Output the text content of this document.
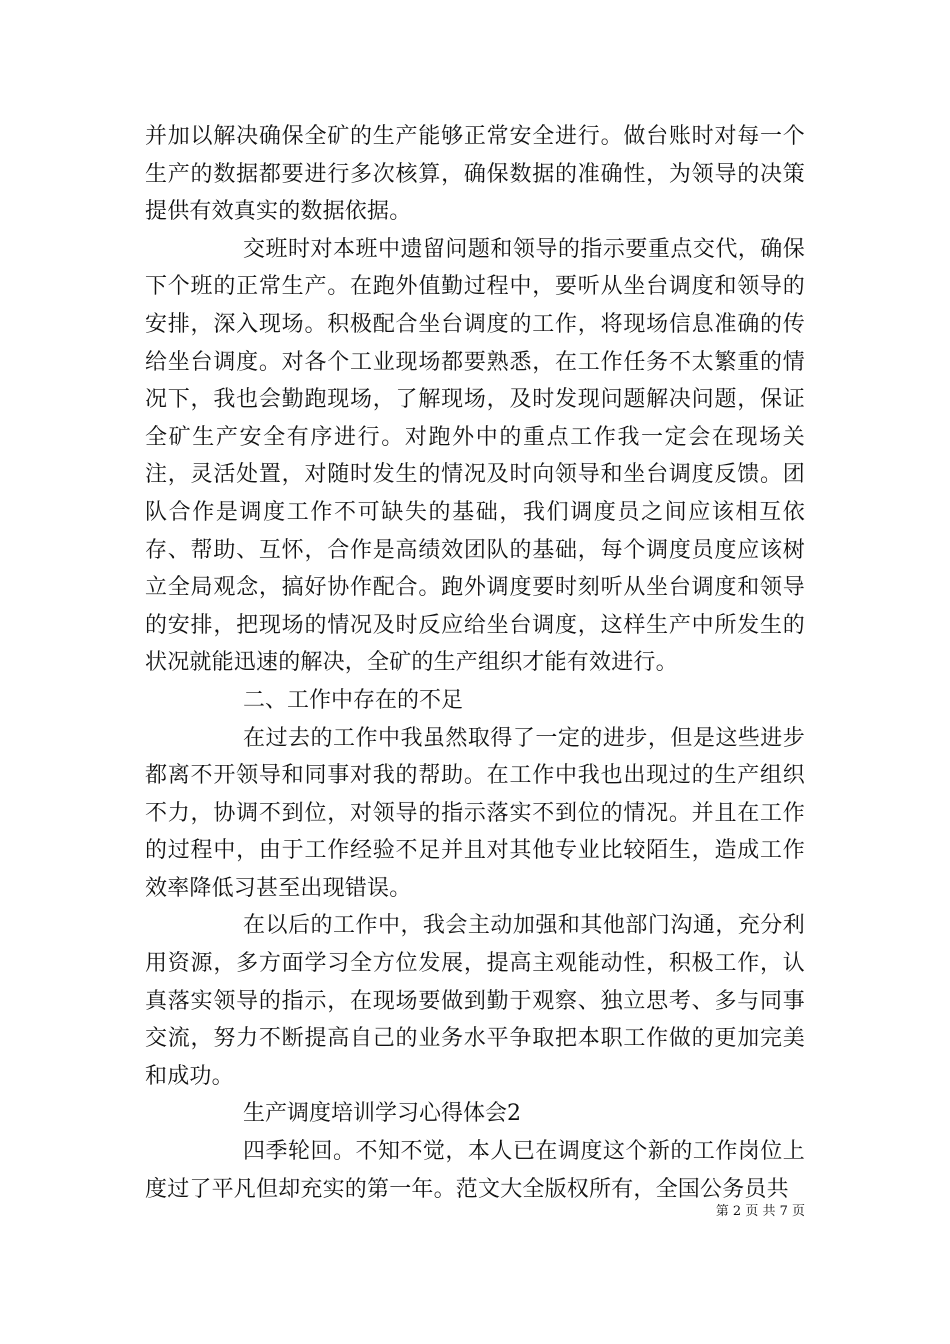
并加以解决确保全矿的生产能够正常安全进行。做台账时对每一个生产的数据都要进行多次核算，确保数据的准确性，为领导的决策提供有效真实的数据依据。

交班时对本班中遗留问题和领导的指示要重点交代，确保下个班的正常生产。在跑外值勤过程中，要听从坐台调度和领导的安排，深入现场。积极配合坐台调度的工作，将现场信息准确的传给坐台调度。对各个工业现场都要熟悉，在工作任务不太繁重的情况下，我也会勤跑现场，了解现场，及时发现问题解决问题，保证全矿生产安全有序进行。对跑外中的重点工作我一定会在现场关注，灵活处置，对随时发生的情况及时向领导和坐台调度反馈。团队合作是调度工作不可缺失的基础，我们调度员之间应该相互依存、帮助、互怀，合作是高绩效团队的基础，每个调度员度应该树立全局观念，搞好协作配合。跑外调度要时刻听从坐台调度和领导的安排，把现场的情况及时反应给坐台调度，这样生产中所发生的状况就能迅速的解决，全矿的生产组织才能有效进行。

二、工作中存在的不足

在过去的工作中我虽然取得了一定的进步，但是这些进步都离不开领导和同事对我的帮助。在工作中我也出现过的生产组织不力，协调不到位，对领导的指示落实不到位的情况。并且在工作的过程中，由于工作经验不足并且对其他专业比较陌生，造成工作效率降低习甚至出现错误。

在以后的工作中，我会主动加强和其他部门沟通，充分利用资源，多方面学习全方位发展，提高主观能动性，积极工作，认真落实领导的指示，在现场要做到勤于观察、独立思考、多与同事交流，努力不断提高自己的业务水平争取把本职工作做的更加完美和成功。

生产调度培训学习心得体会2

四季轮回。不知不觉，本人已在调度这个新的工作岗位上度过了平凡但却充实的第一年。范文大全版权所有，全国公务员共

第 2 页 共 7 页
